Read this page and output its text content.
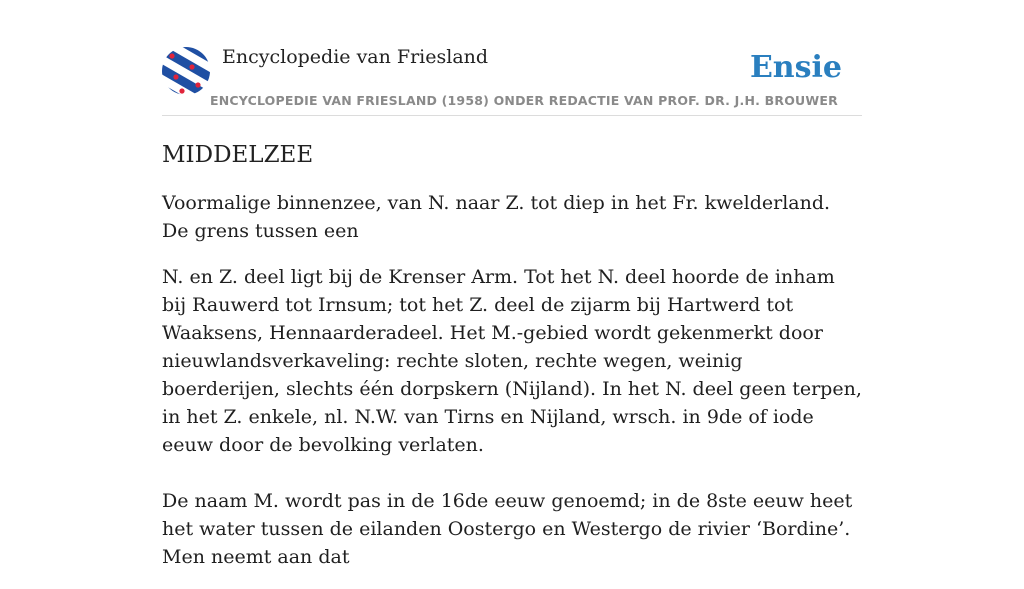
Encyclopedie van Friesland
ENCYCLOPEDIE VAN FRIESLAND (1958) ONDER REDACTIE VAN PROF. DR. J.H. BROUWER
Ensie
MIDDELZEE

Voormalige binnenzee, van N. naar Z. tot diep in het Fr. kwelderland. De grens tussen een

N. en Z. deel ligt bij de Krenser Arm. Tot het N. deel hoorde de inham bij Rauwerd tot Irnsum; tot het Z. deel de zijarm bij Hartwerd tot Waaksens, Hennaarderadeel. Het M.-gebied wordt gekenmerkt door nieuwlandsverkaveling: rechte sloten, rechte wegen, weinig boerderijen, slechts één dorpskern (Nijland). In het N. deel geen terpen, in het Z. enkele, nl. N.W. van Tirns en Nijland, wrsch. in 9de of iode eeuw door de bevolking verlaten.

De naam M. wordt pas in de 16de eeuw genoemd; in de 8ste eeuw heet het water tussen de eilanden Oostergo en Westergo de rivier ‘Bordine’. Men neemt aan dat
